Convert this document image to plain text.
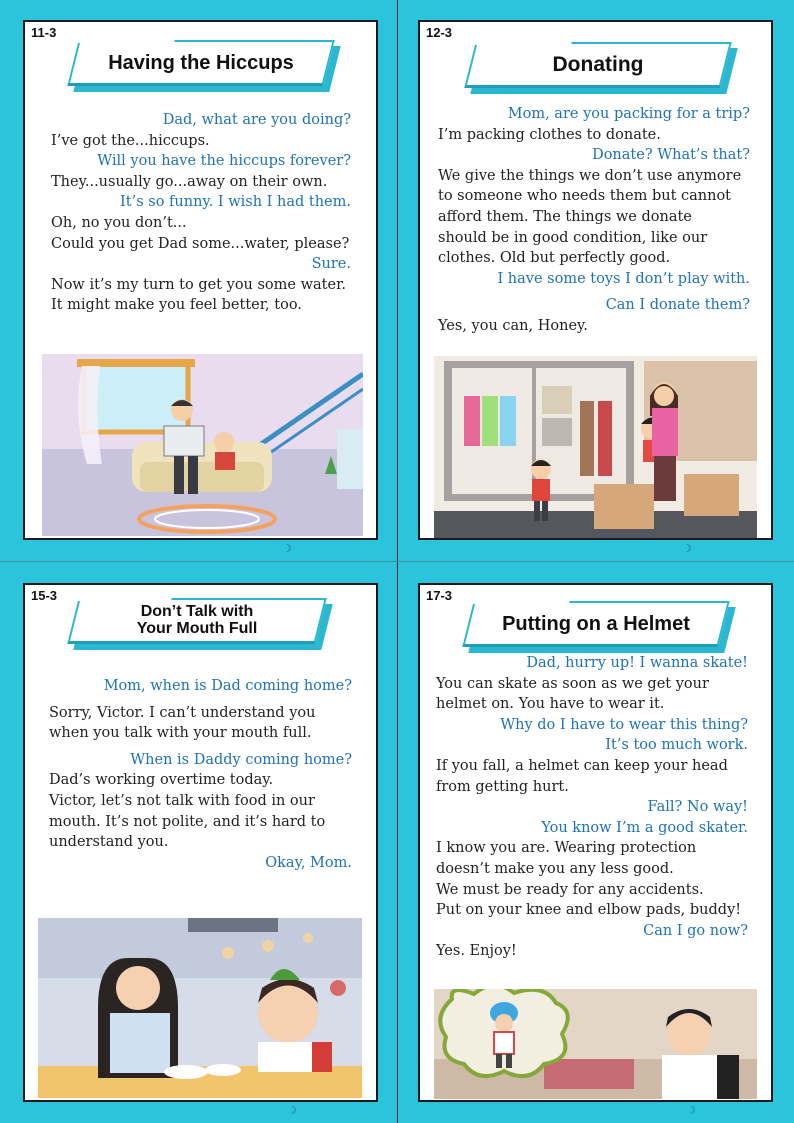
11-3
Having the Hiccups
Dad, what are you doing?
I’ve got the...hiccups.
Will you have the hiccups forever?
They...usually go...away on their own.
It’s so funny. I wish I had them.
Oh, no you don’t...
Could you get Dad some...water, please?
Sure.
Now it’s my turn to get you some water.
It might make you feel better, too.
☽
12-3
Donating
Mom, are you packing for a trip?
I’m packing clothes to donate.
Donate? What’s that?
We give the things we don’t use anymore
to someone who needs them but cannot
afford them. The things we donate
should be in good condition, like our
clothes. Old but perfectly good.
I have some toys I don’t play with.
Can I donate them?
Yes, you can, Honey.
☽
15-3
Don’t Talk with
Your Mouth Full
Mom, when is Dad coming home?
Sorry, Victor. I can’t understand you
when you talk with your mouth full.
When is Daddy coming home?
Dad’s working overtime today.
Victor, let’s not talk with food in our
mouth. It’s not polite, and it’s hard to
understand you.
Okay, Mom.
☽
17-3
Putting on a Helmet
Dad, hurry up! I wanna skate!
You can skate as soon as we get your
helmet on. You have to wear it.
Why do I have to wear this thing?
It’s too much work.
If you fall, a helmet can keep your head
from getting hurt.
Fall? No way!
You know I’m a good skater.
I know you are. Wearing protection
doesn’t make you any less good.
We must be ready for any accidents.
Put on your knee and elbow pads, buddy!
Can I go now?
Yes. Enjoy!
☽
